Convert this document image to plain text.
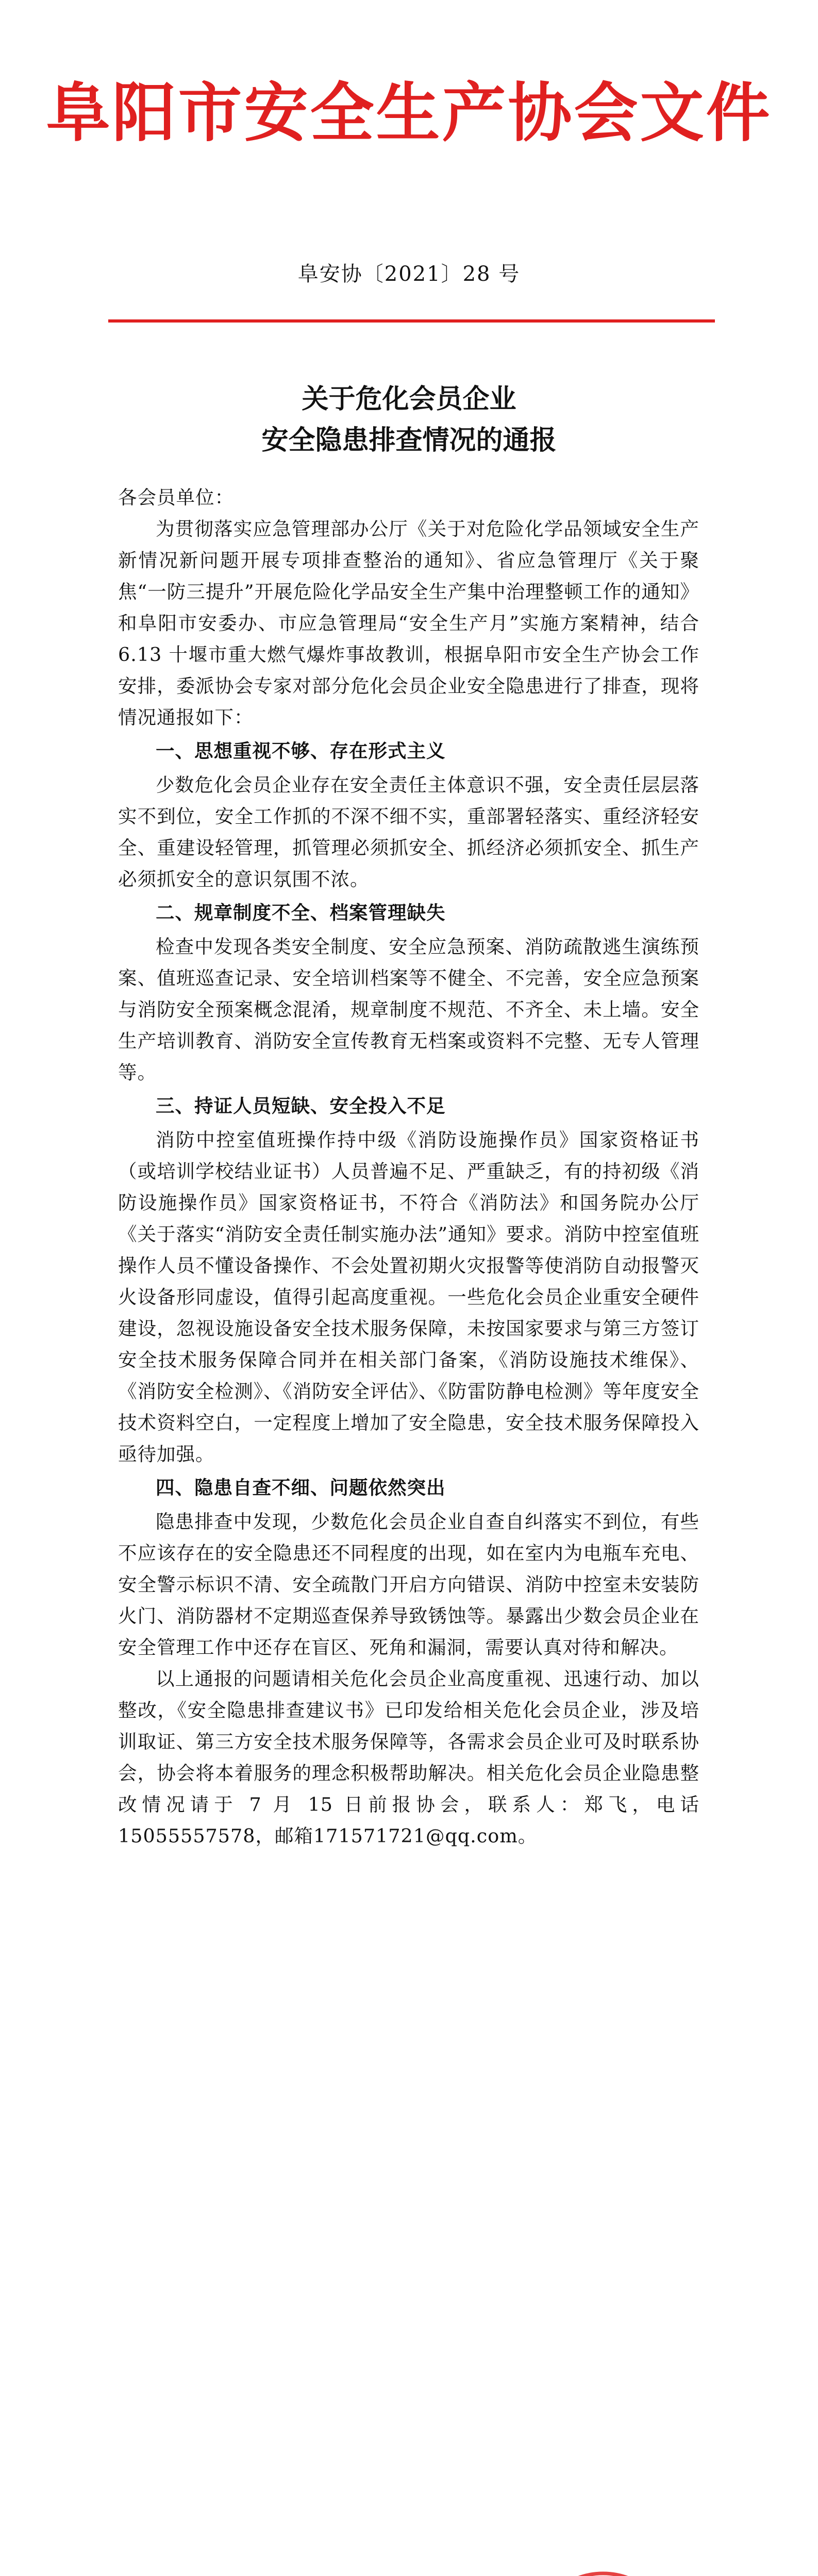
阜阳市安全生产协会文件
阜安协〔2021〕28 号
关于危化会员企业
安全隐患排查情况的通报

各会员单位：

为贯彻落实应急管理部办公厅《关于对危险化学品领域安全生产新情况新问题开展专项排查整治的通知》、省应急管理厅《关于聚焦“一防三提升”开展危险化学品安全生产集中治理整顿工作的通知》和阜阳市安委办、市应急管理局“安全生产月”实施方案精神，结合 6.13 十堰市重大燃气爆炸事故教训，根据阜阳市安全生产协会工作安排，委派协会专家对部分危化会员企业安全隐患进行了排查，现将情况通报如下：

一、思想重视不够、存在形式主义

少数危化会员企业存在安全责任主体意识不强，安全责任层层落实不到位，安全工作抓的不深不细不实，重部署轻落实、重经济轻安全、重建设轻管理，抓管理必须抓安全、抓经济必须抓安全、抓生产必须抓安全的意识氛围不浓。

二、规章制度不全、档案管理缺失

检查中发现各类安全制度、安全应急预案、消防疏散逃生演练预案、值班巡查记录、安全培训档案等不健全、不完善，安全应急预案与消防安全预案概念混淆，规章制度不规范、不齐全、未上墙。安全生产培训教育、消防安全宣传教育无档案或资料不完整、无专人管理等。

三、持证人员短缺、安全投入不足

消防中控室值班操作持中级《消防设施操作员》国家资格证书（或培训学校结业证书）人员普遍不足、严重缺乏，有的持初级《消防设施操作员》国家资格证书，不符合《消防法》和国务院办公厅《关于落实“消防安全责任制实施办法”通知》要求。消防中控室值班操作人员不懂设备操作、不会处置初期火灾报警等使消防自动报警灭火设备形同虚设，值得引起高度重视。一些危化会员企业重安全硬件建设，忽视设施设备安全技术服务保障，未按国家要求与第三方签订安全技术服务保障合同并在相关部门备案，《消防设施技术维保》、《消防安全检测》、《消防安全评估》、《防雷防静电检测》等年度安全技术资料空白，一定程度上增加了安全隐患，安全技术服务保障投入亟待加强。

四、隐患自查不细、问题依然突出

隐患排查中发现，少数危化会员企业自查自纠落实不到位，有些不应该存在的安全隐患还不同程度的出现，如在室内为电瓶车充电、安全警示标识不清、安全疏散门开启方向错误、消防中控室未安装防火门、消防器材不定期巡查保养导致锈蚀等。暴露出少数会员企业在安全管理工作中还存在盲区、死角和漏洞，需要认真对待和解决。

以上通报的问题请相关危化会员企业高度重视、迅速行动、加以整改，《安全隐患排查建议书》已印发给相关危化会员企业，涉及培训取证、第三方安全技术服务保障等，各需求会员企业可及时联系协会，协会将本着服务的理念积极帮助解决。相关危化会员企业隐患整改情况请于 7 月 15 日前报协会，联系人：郑飞，电话 15055557578，邮箱171571721@qq.com。
